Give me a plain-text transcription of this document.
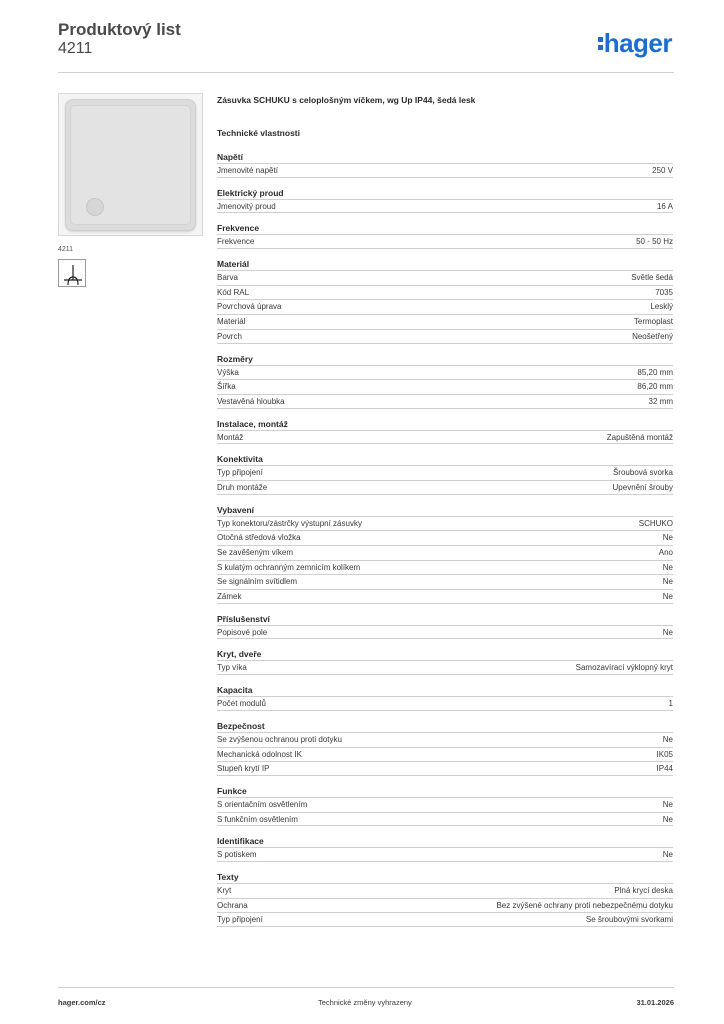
Produktový list
4211	hager
4211
Zásuvka SCHUKU s celoplošným víčkem, wg Up IP44, šedá lesk
Technické vlastnosti
Napětí
Jmenovité napětí	250 V
Elektrický proud
Jmenovitý proud	16 A
Frekvence
Frekvence	50 - 50 Hz
Materiál
Barva	Světle šedá
Kód RAL	7035
Povrchová úprava	Lesklý
Materiál	Termoplast
Povrch	Neošetřený
Rozměry
Výška	85,20 mm
Šířka	86,20 mm
Vestavěná hloubka	32 mm
Instalace, montáž
Montáž	Zapuštěná montáž
Konektivita
Typ připojení	Šroubová svorka
Druh montáže	Upevnění šrouby
Vybavení
Typ konektoru/zástrčky výstupní zásuvky	SCHUKO
Otočná středová vložka	Ne
Se zavěšeným víkem	Ano
S kulatým ochranným zemnicím kolíkem	Ne
Se signálním svítidlem	Ne
Zámek	Ne
Příslušenství
Popisové pole	Ne
Kryt, dveře
Typ víka	Samozavírací výklopný kryt
Kapacita
Počet modulů	1
Bezpečnost
Se zvýšenou ochranou proti dotyku	Ne
Mechanická odolnost IK	IK05
Stupeň krytí IP	IP44
Funkce
S orientačním osvětlením	Ne
S funkčním osvětlením	Ne
Identifikace
S potiskem	Ne
Texty
Kryt	Plná krycí deska
Ochrana	Bez zvýšené ochrany proti nebezpečnému dotyku
Typ připojení	Se šroubovými svorkami
hager.com/cz	Technické změny vyhrazeny	31.01.2026
